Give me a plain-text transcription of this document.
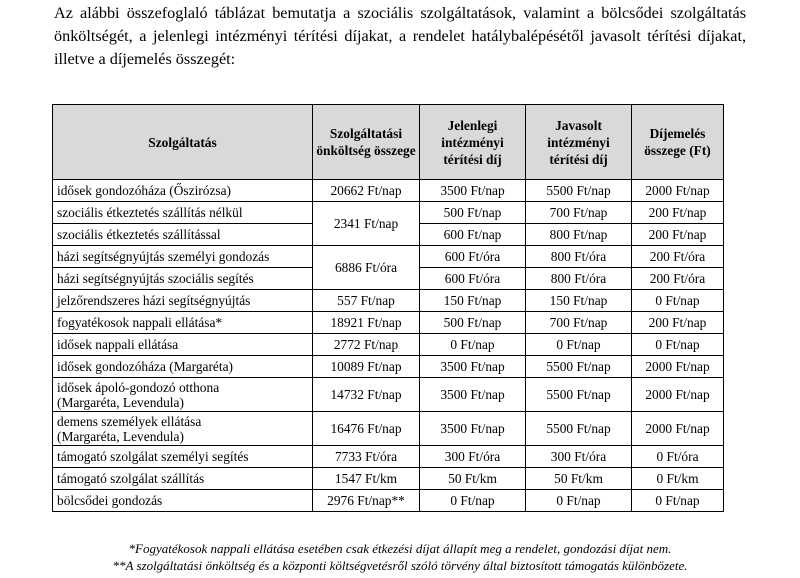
Az alábbi összefoglaló táblázat bemutatja a szociális szolgáltatások, valamint a bölcsődei szolgáltatás önköltségét, a jelenlegi intézményi térítési díjakat, a rendelet hatálybalépésétől javasolt térítési díjakat, illetve a díjemelés összegét:

Szolgáltatás	Szolgáltatási önköltség összege	Jelenlegi intézményi térítési díj	Javasolt intézményi térítési díj	Díjemelés összege (Ft)
idősek gondozóháza (Őszirózsa)	20662 Ft/nap	3500 Ft/nap	5500 Ft/nap	2000 Ft/nap
szociális étkeztetés szállítás nélkül	2341 Ft/nap	500 Ft/nap	700 Ft/nap	200 Ft/nap
szociális étkeztetés szállítással		600 Ft/nap	800 Ft/nap	200 Ft/nap
házi segítségnyújtás személyi gondozás	6886 Ft/óra	600 Ft/óra	800 Ft/óra	200 Ft/óra
házi segítségnyújtás szociális segítés		600 Ft/óra	800 Ft/óra	200 Ft/óra
jelzőrendszeres házi segítségnyújtás	557 Ft/nap	150 Ft/nap	150 Ft/nap	0 Ft/nap
fogyatékosok nappali ellátása*	18921 Ft/nap	500 Ft/nap	700 Ft/nap	200 Ft/nap
idősek nappali ellátása	2772 Ft/nap	0 Ft/nap	0 Ft/nap	0 Ft/nap
idősek gondozóháza (Margaréta)	10089 Ft/nap	3500 Ft/nap	5500 Ft/nap	2000 Ft/nap
idősek ápoló-gondozó otthona
(Margaréta, Levendula)	14732 Ft/nap	3500 Ft/nap	5500 Ft/nap	2000 Ft/nap
demens személyek ellátása
(Margaréta, Levendula)	16476 Ft/nap	3500 Ft/nap	5500 Ft/nap	2000 Ft/nap
támogató szolgálat személyi segítés	7733 Ft/óra	300 Ft/óra	300 Ft/óra	0 Ft/óra
támogató szolgálat szállítás	1547 Ft/km	50 Ft/km	50 Ft/km	0 Ft/km
bölcsődei gondozás	2976 Ft/nap**	0 Ft/nap	0 Ft/nap	0 Ft/nap
*Fogyatékosok nappali ellátása esetében csak étkezési díjat állapít meg a rendelet, gondozási díjat nem.
**A szolgáltatási önköltség és a központi költségvetésről szóló törvény által biztosított támogatás különbözete.
